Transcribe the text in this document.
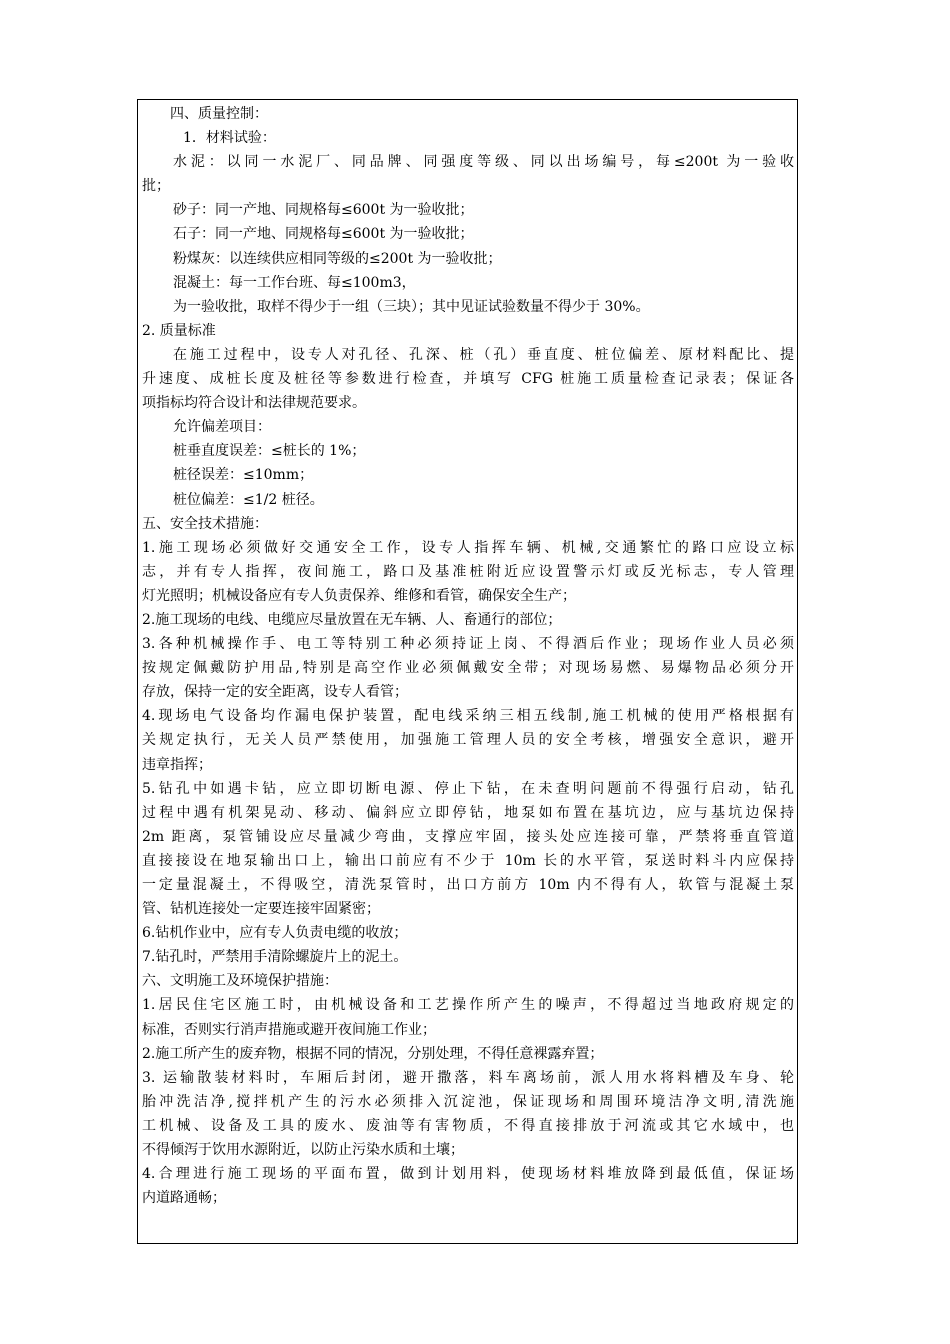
四、质量控制：
1．材料试验：
水泥：以同一水泥厂、同品牌、同强度等级、同以出场编号，每≤200t 为一验收
批；
砂子：同一产地、同规格每≤600t 为一验收批；
石子：同一产地、同规格每≤600t 为一验收批；
粉煤灰：以连续供应相同等级的≤200t 为一验收批；
混凝土：每一工作台班、每≤100m3，
为一验收批，取样不得少于一组（三块）；其中见证试验数量不得少于 30%。
2. 质量标准
在施工过程中，设专人对孔径、孔深、桩（孔）垂直度、桩位偏差、原材料配比、提
升速度、成桩长度及桩径等参数进行检查，并填写 CFG 桩施工质量检查记录表；保证各
项指标均符合设计和法律规范要求。
允许偏差项目：
桩垂直度误差：≤桩长的 1%；
桩径误差：≤10mm；
桩位偏差：≤1/2 桩径。
五、安全技术措施：
1.施工现场必须做好交通安全工作，设专人指挥车辆、机械,交通繁忙的路口应设立标
志，并有专人指挥，夜间施工，路口及基准桩附近应设置警示灯或反光标志，专人管理
灯光照明；机械设备应有专人负责保养、维修和看管，确保安全生产；
2.施工现场的电线、电缆应尽量放置在无车辆、人、畜通行的部位；
3.各种机械操作手、电工等特别工种必须持证上岗、不得酒后作业；现场作业人员必须
按规定佩戴防护用品,特别是高空作业必须佩戴安全带；对现场易燃、易爆物品必须分开
存放，保持一定的安全距离，设专人看管；
4.现场电气设备均作漏电保护装置，配电线采纳三相五线制,施工机械的使用严格根据有
关规定执行，无关人员严禁使用，加强施工管理人员的安全考核，增强安全意识，避开
违章指挥；
5.钻孔中如遇卡钻，应立即切断电源、停止下钻，在未查明问题前不得强行启动，钻孔
过程中遇有机架晃动、移动、偏斜应立即停钻，地泵如布置在基坑边，应与基坑边保持
2m 距离，泵管铺设应尽量减少弯曲，支撑应牢固，接头处应连接可靠，严禁将垂直管道
直接接设在地泵输出口上，输出口前应有不少于 10m 长的水平管，泵送时料斗内应保持
一定量混凝土，不得吸空，清洗泵管时，出口方前方 10m 内不得有人，软管与混凝土泵
管、钻机连接处一定要连接牢固紧密；
6.钻机作业中，应有专人负责电缆的收放；
7.钻孔时，严禁用手清除螺旋片上的泥土。
六、文明施工及环境保护措施：
1.居民住宅区施工时，由机械设备和工艺操作所产生的噪声，不得超过当地政府规定的
标准，否则实行消声措施或避开夜间施工作业；
2.施工所产生的废弃物，根据不同的情况，分别处理，不得任意裸露弃置；
3. 运输散装材料时，车厢后封闭，避开撒落，料车离场前，派人用水将料槽及车身、轮
胎冲洗洁净,搅拌机产生的污水必须排入沉淀池，保证现场和周围环境洁净文明,清洗施
工机械、设备及工具的废水、废油等有害物质，不得直接排放于河流或其它水域中，也
不得倾泻于饮用水源附近，以防止污染水质和土壤；
4.合理进行施工现场的平面布置，做到计划用料，使现场材料堆放降到最低值，保证场
内道路通畅；
